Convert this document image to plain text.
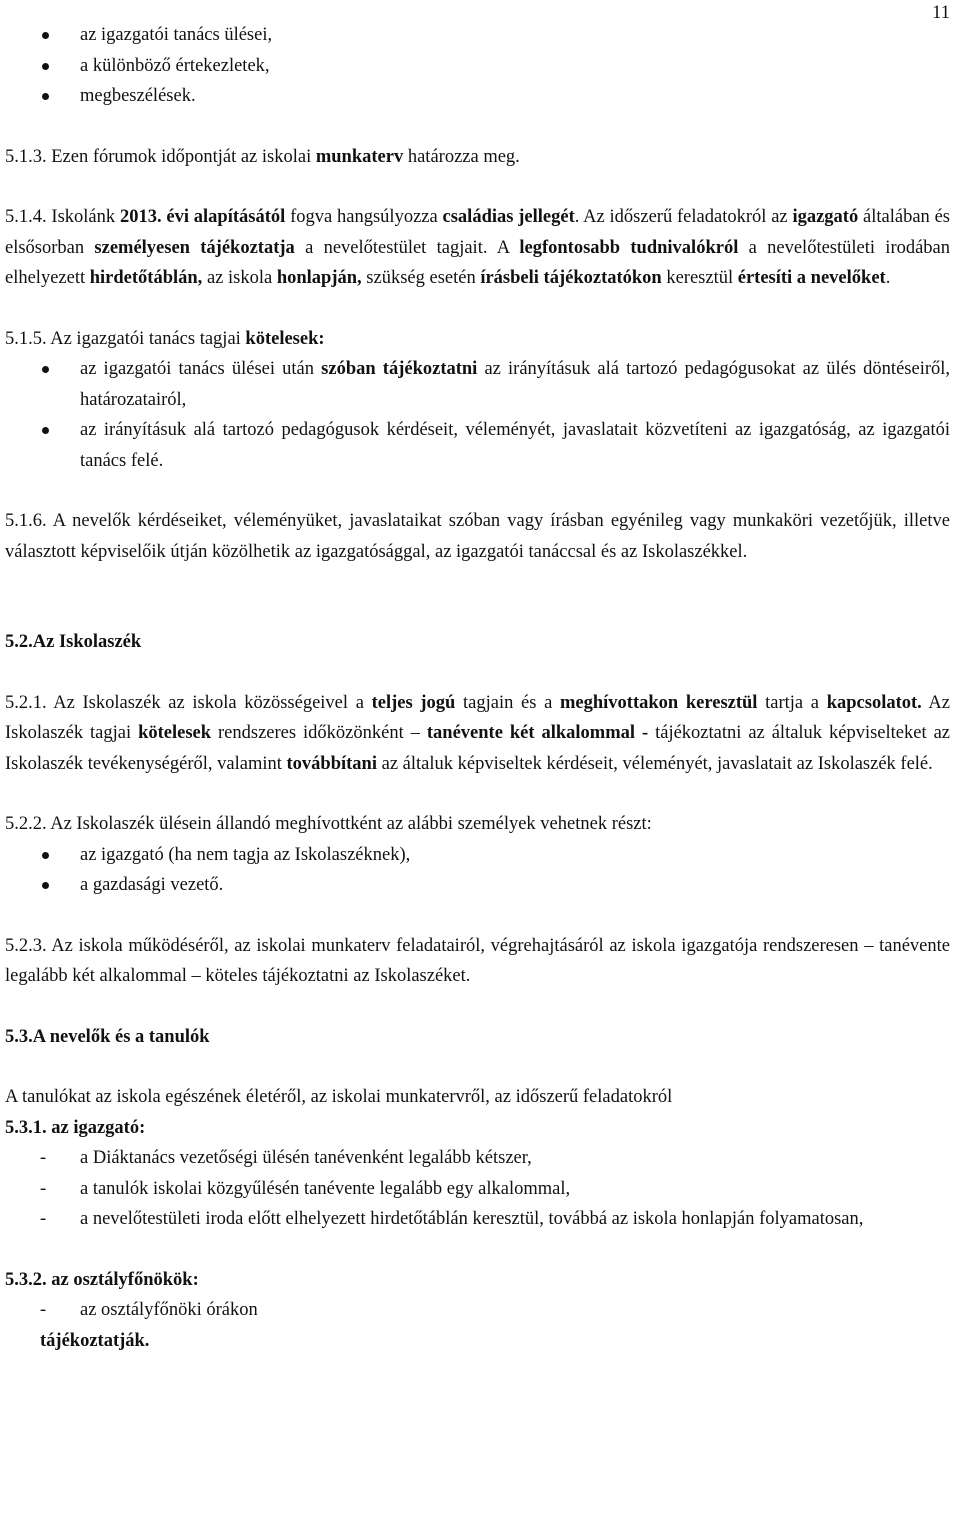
11
az igazgatói tanács ülései,
a különböző értekezletek,
megbeszélések.

5.1.3. Ezen fórumok időpontját az iskolai munkaterv határozza meg.

5.1.4. Iskolánk 2013. évi alapításától fogva hangsúlyozza családias jellegét. Az időszerű feladatokról az igazgató általában és elsősorban személyesen tájékoztatja a nevelőtestület tagjait. A legfontosabb tudnivalókról a nevelőtestületi irodában elhelyezett hirdetőtáblán, az iskola honlapján, szükség esetén írásbeli tájékoztatókon keresztül értesíti a nevelőket.

5.1.5. Az igazgatói tanács tagjai kötelesek:

az igazgatói tanács ülései után szóban tájékoztatni az irányításuk alá tartozó pedagógusokat az ülés döntéseiről, határozatairól,
az irányításuk alá tartozó pedagógusok kérdéseit, véleményét, javaslatait közvetíteni az igazgatóság, az igazgatói tanács felé.

5.1.6. A nevelők kérdéseiket, véleményüket, javaslataikat szóban vagy írásban egyénileg vagy munkaköri vezetőjük, illetve választott képviselőik útján közölhetik az igazgatósággal, az igazgatói tanáccsal és az Iskolaszékkel.

5.2.Az Iskolaszék

5.2.1. Az Iskolaszék az iskola közösségeivel a teljes jogú tagjain és a meghívottakon keresztül tartja a kapcsolatot. Az Iskolaszék tagjai kötelesek rendszeres időközönként – tanévente két alkalommal - tájékoztatni az általuk képviselteket az Iskolaszék tevékenységéről, valamint továbbítani az általuk képviseltek kérdéseit, véleményét, javaslatait az Iskolaszék felé.

5.2.2. Az Iskolaszék ülésein állandó meghívottként az alábbi személyek vehetnek részt:

az igazgató (ha nem tagja az Iskolaszéknek),
a gazdasági vezető.

5.2.3. Az iskola működéséről, az iskolai munkaterv feladatairól, végrehajtásáról az iskola igazgatója rendszeresen – tanévente legalább két alkalommal – köteles tájékoztatni az Iskolaszéket.

5.3.A nevelők és a tanulók

A tanulókat az iskola egészének életéről, az iskolai munkatervről, az időszerű feladatokról

5.3.1. az igazgató:

- a Diáktanács vezetőségi ülésén tanévenként legalább kétszer,
- a tanulók iskolai közgyűlésén tanévente legalább egy alkalommal,
- a nevelőtestületi iroda előtt elhelyezett hirdetőtáblán keresztül, továbbá az iskola honlapján folyamatosan,

5.3.2. az osztályfőnökök:

- az osztályfőnöki órákon

tájékoztatják.
